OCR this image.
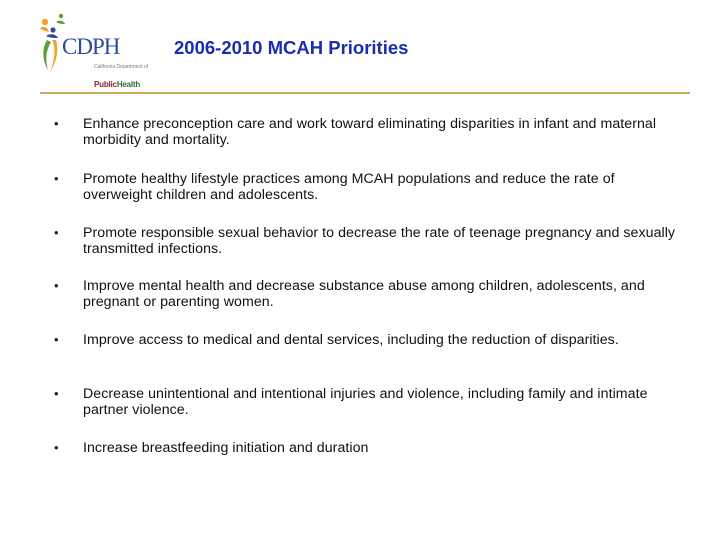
CDPH
California Department of
PublicHealth
2006-2010 MCAH Priorities
• Enhance preconception care and work toward eliminating disparities in infant and maternal morbidity and mortality.
• Promote healthy lifestyle practices among MCAH populations and reduce the rate of overweight children and adolescents.
• Promote responsible sexual behavior to decrease the rate of teenage pregnancy and sexually transmitted infections.
• Improve mental health and decrease substance abuse among children, adolescents, and pregnant or parenting women.
• Improve access to medical and dental services, including the reduction of disparities.
• Decrease unintentional and intentional injuries and violence, including family and intimate partner violence.
• Increase breastfeeding initiation and duration
